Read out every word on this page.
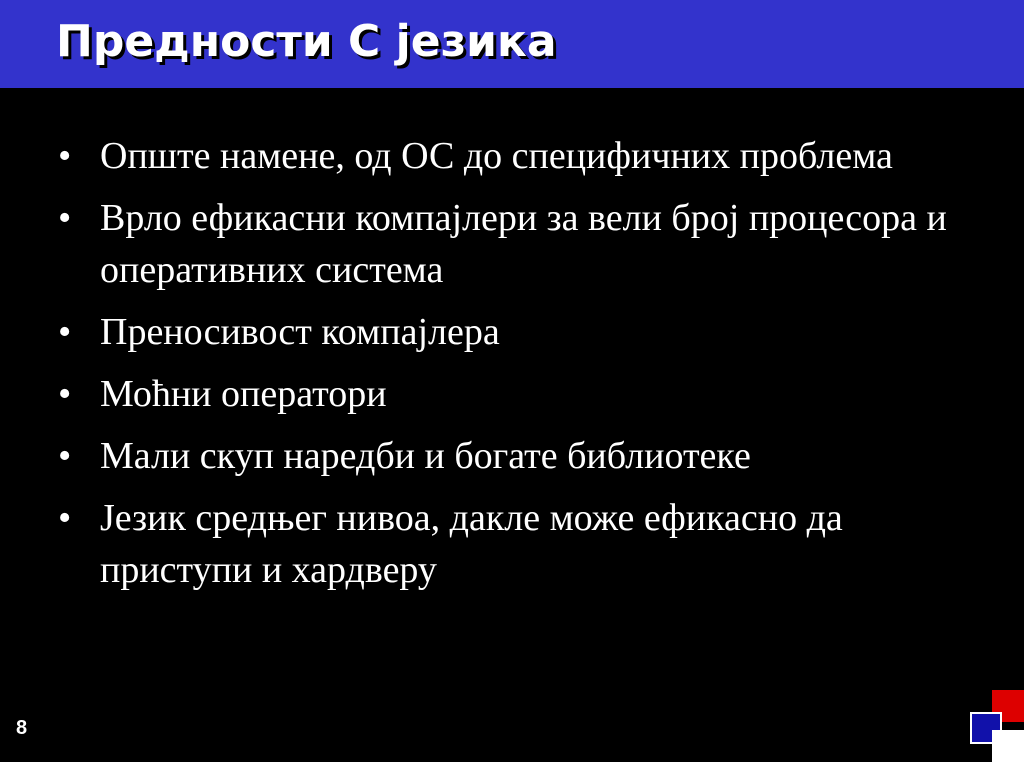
Предности С језика
• Опште намене, од ОС до специфичних проблема
• Врло ефикасни компајлери за вели број процесора и оперативних система
• Преносивост компајлера
• Моћни оператори
• Мали скуп наредби и богате библиотеке
• Језик средњег нивоа, дакле може ефикасно да приступи и хардверу
8
